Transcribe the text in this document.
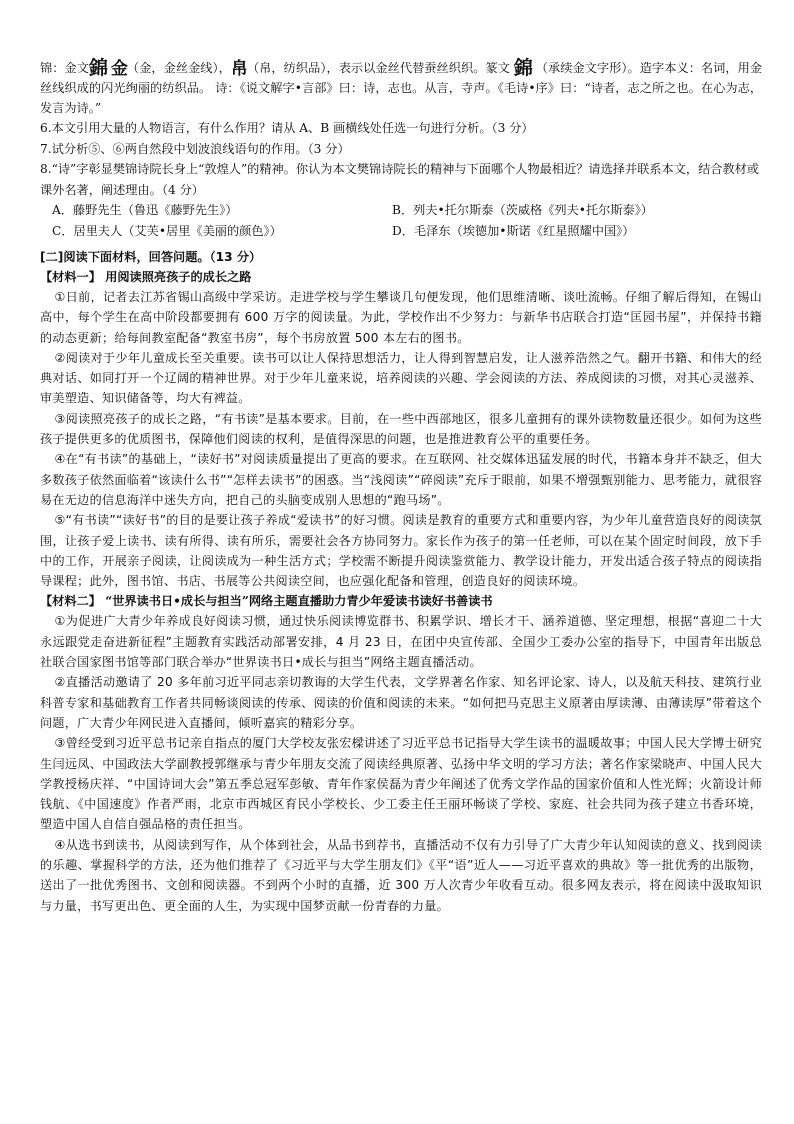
锦：金文錦 金（金，金丝金线），帛（帛，纺织品），表示以金丝代替蚕丝织织。篆文 錦 （承续金文字形）。造字本义：名词，用金丝线织成的闪光绚丽的纺织品。 诗：《说文解字•言部》曰：诗，志也。从言，寺声。《毛诗•序》曰：“诗者，志之所之也。在心为志，发言为诗。”

6.本文引用大量的人物语言，有什么作用？请从 A、B 画横线处任选一句进行分析。（3 分）

7.试分析⑤、⑥两自然段中划波浪线语句的作用。（3 分）

8.“诗”字彰显樊锦诗院长身上“敦煌人”的精神。你认为本文樊锦诗院长的精神与下面哪个人物最相近？请选择并联系本文，结合教材或课外名著，阐述理由。（4 分）

A．藤野先生（鲁迅《藤野先生》）	B．列夫•托尔斯泰（茨威格《列夫•托尔斯泰》）
C．居里夫人（艾芙•居里《美丽的颜色》）	D．毛泽东（埃德加•斯诺《红星照耀中国》）
[二]阅读下面材料，回答问题。（13 分）
【材料一】 用阅读照亮孩子的成长之路

①日前，记者去江苏省锡山高级中学采访。走进学校与学生攀谈几句便发现，他们思维清晰、谈吐流畅。仔细了解后得知，在锡山高中，每个学生在高中阶段都要拥有 600 万字的阅读量。为此，学校作出不少努力：与新华书店联合打造“匡园书屋”，并保持书籍的动态更新；给每间教室配备“教室书房”，每个书房放置 500 本左右的图书。

②阅读对于少年儿童成长至关重要。读书可以让人保持思想活力，让人得到智慧启发，让人滋养浩然之气。翻开书籍、和伟大的经典对话、如同打开一个辽阔的精神世界。对于少年儿童来说，培养阅读的兴趣、学会阅读的方法、养成阅读的习惯，对其心灵滋养、审美塑造、知识储备等，均大有裨益。

③阅读照亮孩子的成长之路，“有书读”是基本要求。目前，在一些中西部地区，很多儿童拥有的课外读物数量还很少。如何为这些孩子提供更多的优质图书，保障他们阅读的权利，是值得深思的问题，也是推进教育公平的重要任务。

④在“有书读”的基础上，“读好书”对阅读质量提出了更高的要求。在互联网、社交媒体迅猛发展的时代，书籍本身并不缺乏，但大多数孩子依然面临着“该读什么书”“怎样去读书”的困惑。当“浅阅读”“碎阅读”充斥于眼前，如果不增强甄别能力、思考能力，就很容易在无边的信息海洋中迷失方向，把自己的头脑变成别人思想的“跑马场”。

⑤“有书读”“读好书”的目的是要让孩子养成“爱读书”的好习惯。阅读是教育的重要方式和重要内容，为少年儿童营造良好的阅读氛围，让孩子爱上读书、读有所得、读有所乐，需要社会各方协同努力。家长作为孩子的第一任老师，可以在某个固定时间段，放下手中的工作，开展亲子阅读，让阅读成为一种生活方式；学校需不断提升阅读鉴赏能力、教学设计能力，开发出适合孩子特点的阅读指导课程；此外，图书馆、书店、书展等公共阅读空间，也应强化配备和管理，创造良好的阅读环境。

【材料二】 “世界读书日•成长与担当”网络主题直播助力青少年爱读书读好书善读书

①为促进广大青少年养成良好阅读习惯，通过快乐阅读博览群书、积累学识、增长才干、涵养道德、坚定理想，根据“喜迎二十大永远跟党走奋进新征程”主题教育实践活动部署安排，4 月 23 日，在团中央宣传部、全国少工委办公室的指导下，中国青年出版总社联合国家图书馆等部门联合举办“世界读书日•成长与担当”网络主题直播活动。

②直播活动邀请了 20 多年前习近平同志亲切教诲的大学生代表，文学界著名作家、知名评论家、诗人，以及航天科技、建筑行业科普专家和基础教育工作者共同畅谈阅读的传承、阅读的价值和阅读的未来。“如何把马克思主义原著由厚读薄、由薄读厚”带着这个问题，广大青少年网民进入直播间，倾听嘉宾的精彩分享。

③曾经受到习近平总书记亲自指点的厦门大学校友张宏樑讲述了习近平总书记指导大学生读书的温暖故事；中国人民大学博士研究生闫远凤、中国政法大学副教授郭继承与青少年朋友交流了阅读经典原著、弘扬中华文明的学习方法；著名作家梁晓声、中国人民大学教授杨庆祥、“中国诗词大会”第五季总冠军彭敏、青年作家侯磊为青少年阐述了优秀文学作品的国家价值和人性光辉；火箭设计师钱航、《中国速度》作者严雨，北京市西城区育民小学校长、少工委主任王丽环畅谈了学校、家庭、社会共同为孩子建立书香环境，塑造中国人自信自强品格的责任担当。

④从选书到读书，从阅读到写作，从个体到社会，从品书到荐书，直播活动不仅有力引导了广大青少年认知阅读的意义、找到阅读的乐趣、掌握科学的方法，还为他们推荐了《习近平与大学生朋友们》《平“语”近人——习近平喜欢的典故》等一批优秀的出版物，送出了一批优秀图书、文创和阅读器。不到两个小时的直播，近 300 万人次青少年收看互动。很多网友表示，将在阅读中汲取知识与力量，书写更出色、更全面的人生，为实现中国梦贡献一份青春的力量。
